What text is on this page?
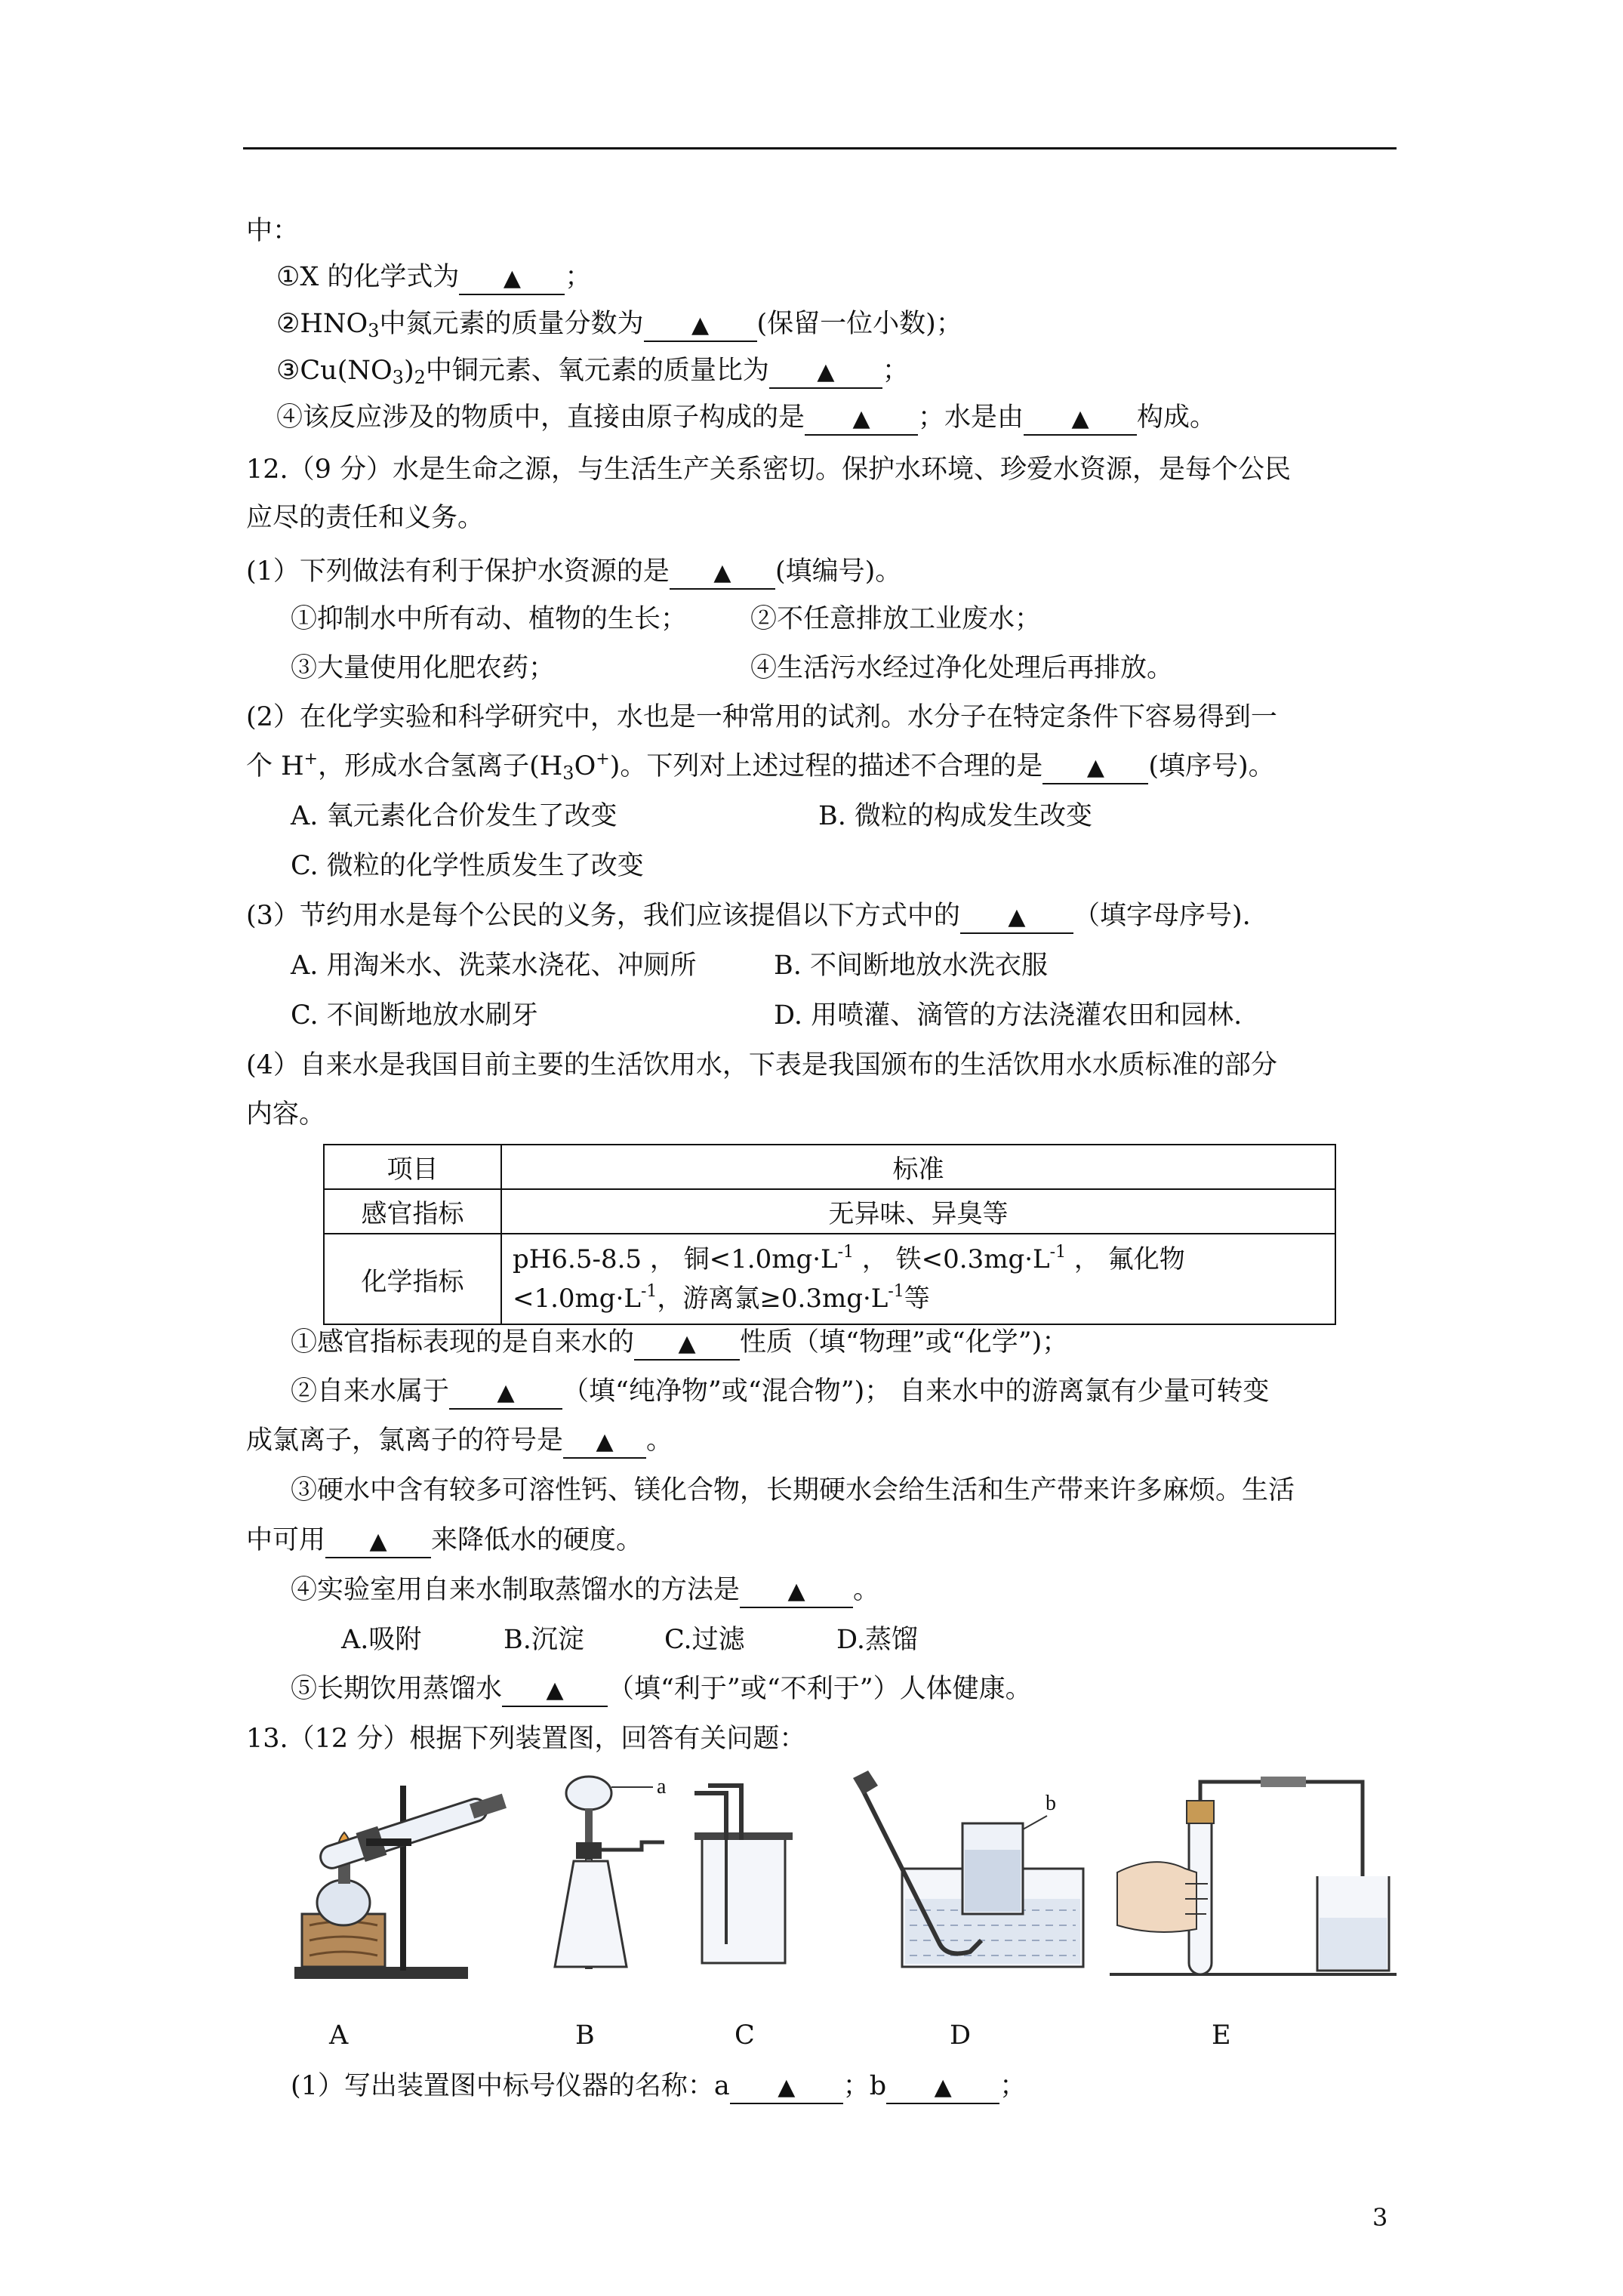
中：
①X 的化学式为 ▲ ；
$②HNO_3$中氮元素的质量分数为 ▲ (保留一位小数)；
$③Cu(NO_3)_2$中铜元素、氧元素的质量比为 ▲ ；
④该反应涉及的物质中，直接由原子构成的是 ▲ ；水是由 ▲ 构成。
12.（9 分）水是生命之源，与生活生产关系密切。保护水环境、珍爱水资源，是每个公民
应尽的责任和义务。
(1）下列做法有利于保护水资源的是 ▲ (填编号)。
①抑制水中所有动、植物的生长； ②不任意排放工业废水；
③大量使用化肥农药；	④生活污水经过净化处理后再排放。
(2）在化学实验和科学研究中，水也是一种常用的试剂。水分子在特定条件下容易得到一
个 H+，形成水合氢离子$(H_3O^+)$。下列对上述过程的描述不合理的是 ▲ (填序号)。
A. 氧元素化合价发生了改变	B. 微粒的构成发生改变
C. 微粒的化学性质发生了改变
(3）节约用水是每个公民的义务，我们应该提倡以下方式中的 ▲ （填字母序号).
A. 用淘米水、洗菜水浇花、冲厕所	B. 不间断地放水洗衣服
C. 不间断地放水刷牙	D. 用喷灌、滴管的方法浇灌农田和园林.
(4）自来水是我国目前主要的生活饮用水，下表是我国颁布的生活饮用水水质标准的部分
内容。
项目	标准
感官指标	无异味、异臭等
化学指标	pH6.5-8.5 ， 铜$<1.0mg\cdot L^{-1}$ ， 铁$<0.3mg\cdot L^{-1}$ ， 氟化物
$<1.0mg\cdot L^{-1}$，游离氯$\ge 0.3mg\cdot L^{-1}$等
①感官指标表现的是自来水的 ▲ 性质（填“物理”或“化学”)；
②自来水属于 ▲ （填“纯净物”或“混合物”)； 自来水中的游离氯有少量可转变
成氯离子，氯离子的符号是 ▲ 。
③硬水中含有较多可溶性钙、镁化合物，长期硬水会给生活和生产带来许多麻烦。生活
中可用 ▲ 来降低水的硬度。
④实验室用自来水制取蒸馏水的方法是 ▲ 。
A.吸附	B.沉淀	C.过滤	D.蒸馏
⑤长期饮用蒸馏水 ▲ （填“利于”或“不利于”）人体健康。
13.（12 分）根据下列装置图，回答有关问题：
a
b
A	B	C	D	E
(1）写出装置图中标号仪器的名称：a ▲ ；b ▲ ；
3
